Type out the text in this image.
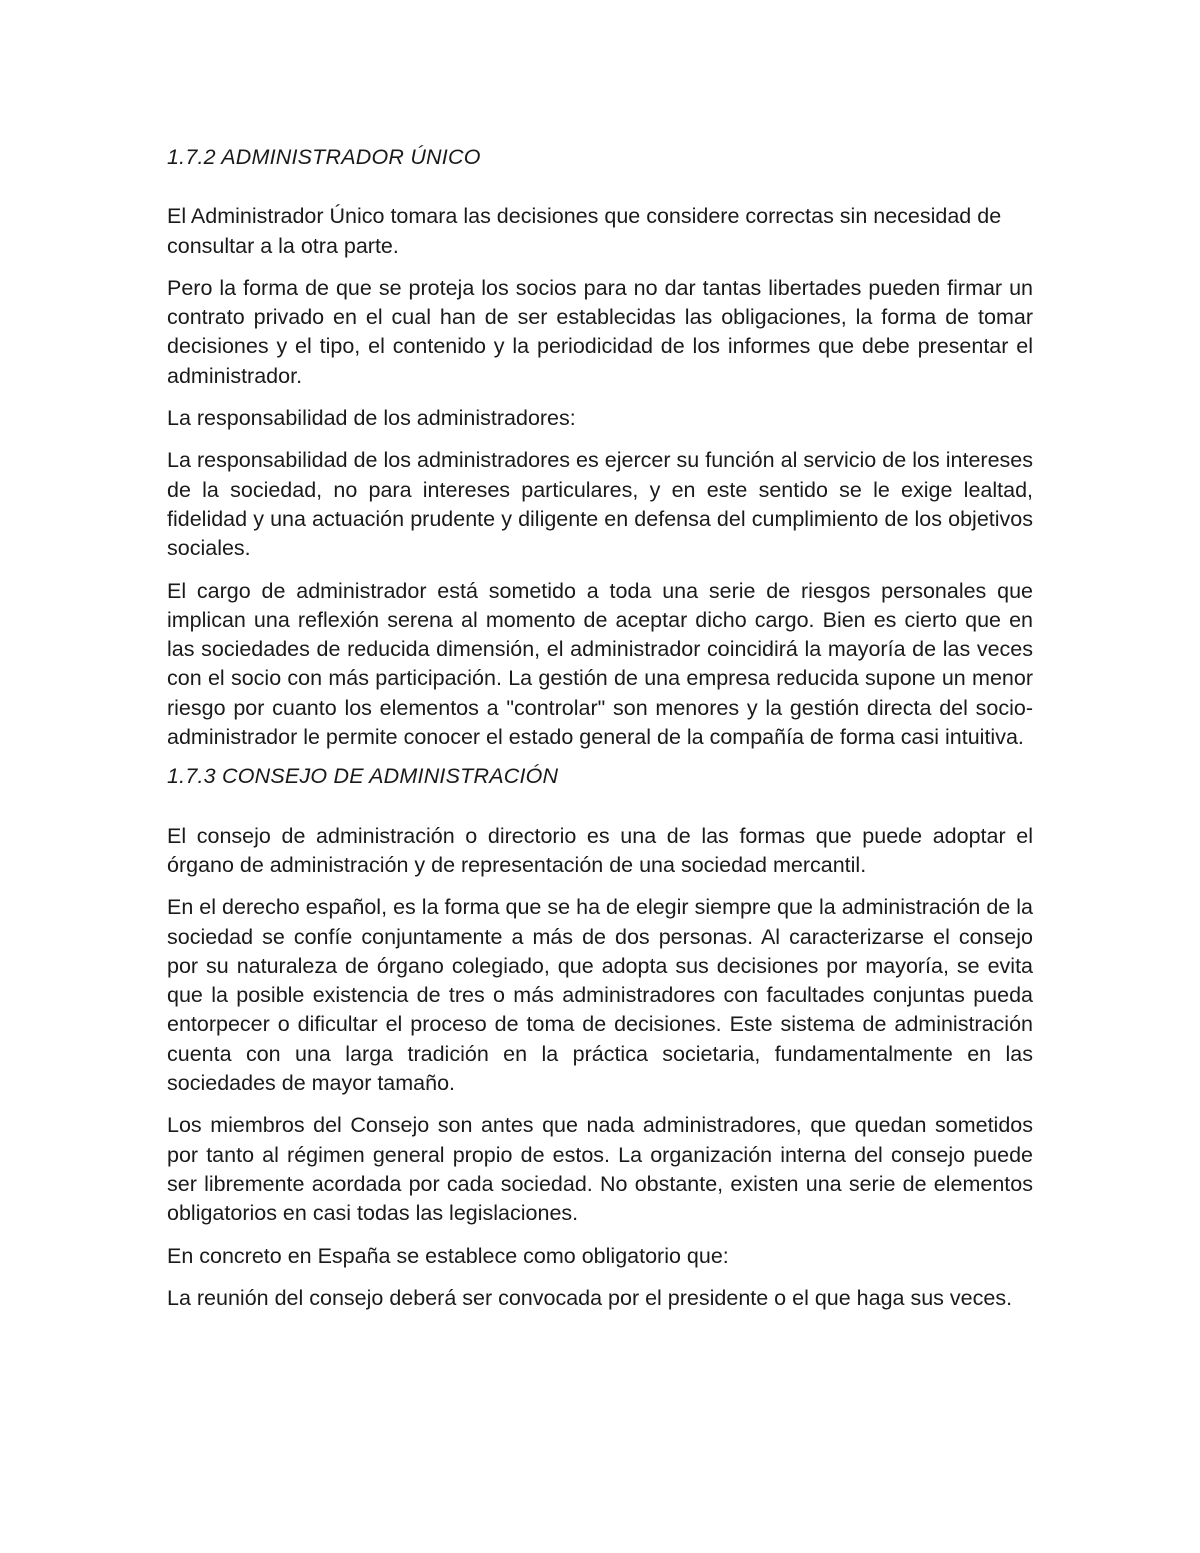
1.7.2 ADMINISTRADOR ÚNICO

El Administrador Único tomara las decisiones que considere correctas sin necesidad de consultar a la otra parte.

Pero la forma de que se proteja los socios para no dar tantas libertades pueden firmar un contrato privado en el cual han de ser establecidas las obligaciones, la forma de tomar decisiones y el tipo, el contenido y la periodicidad de los informes que debe presentar el administrador.

La responsabilidad de los administradores:

La responsabilidad de los administradores es ejercer su función al servicio de los intereses de la sociedad, no para intereses particulares, y en este sentido se le exige lealtad, fidelidad y una actuación prudente y diligente en defensa del cumplimiento de los objetivos sociales.

El cargo de administrador está sometido a toda una serie de riesgos personales que implican una reflexión serena al momento de aceptar dicho cargo. Bien es cierto que en las sociedades de reducida dimensión, el administrador coincidirá la mayoría de las veces con el socio con más participación. La gestión de una empresa reducida supone un menor riesgo por cuanto los elementos a "controlar" son menores y la gestión directa del socio-administrador le permite conocer el estado general de la compañía de forma casi intuitiva.

1.7.3 CONSEJO DE ADMINISTRACIÓN

El consejo de administración o directorio es una de las formas que puede adoptar el órgano de administración y de representación de una sociedad mercantil.

En el derecho español, es la forma que se ha de elegir siempre que la administración de la sociedad se confíe conjuntamente a más de dos personas. Al caracterizarse el consejo por su naturaleza de órgano colegiado, que adopta sus decisiones por mayoría, se evita que la posible existencia de tres o más administradores con facultades conjuntas pueda entorpecer o dificultar el proceso de toma de decisiones. Este sistema de administración cuenta con una larga tradición en la práctica societaria, fundamentalmente en las sociedades de mayor tamaño.

Los miembros del Consejo son antes que nada administradores, que quedan sometidos por tanto al régimen general propio de estos. La organización interna del consejo puede ser libremente acordada por cada sociedad. No obstante, existen una serie de elementos obligatorios en casi todas las legislaciones.

En concreto en España se establece como obligatorio que:

La reunión del consejo deberá ser convocada por el presidente o el que haga sus veces.
